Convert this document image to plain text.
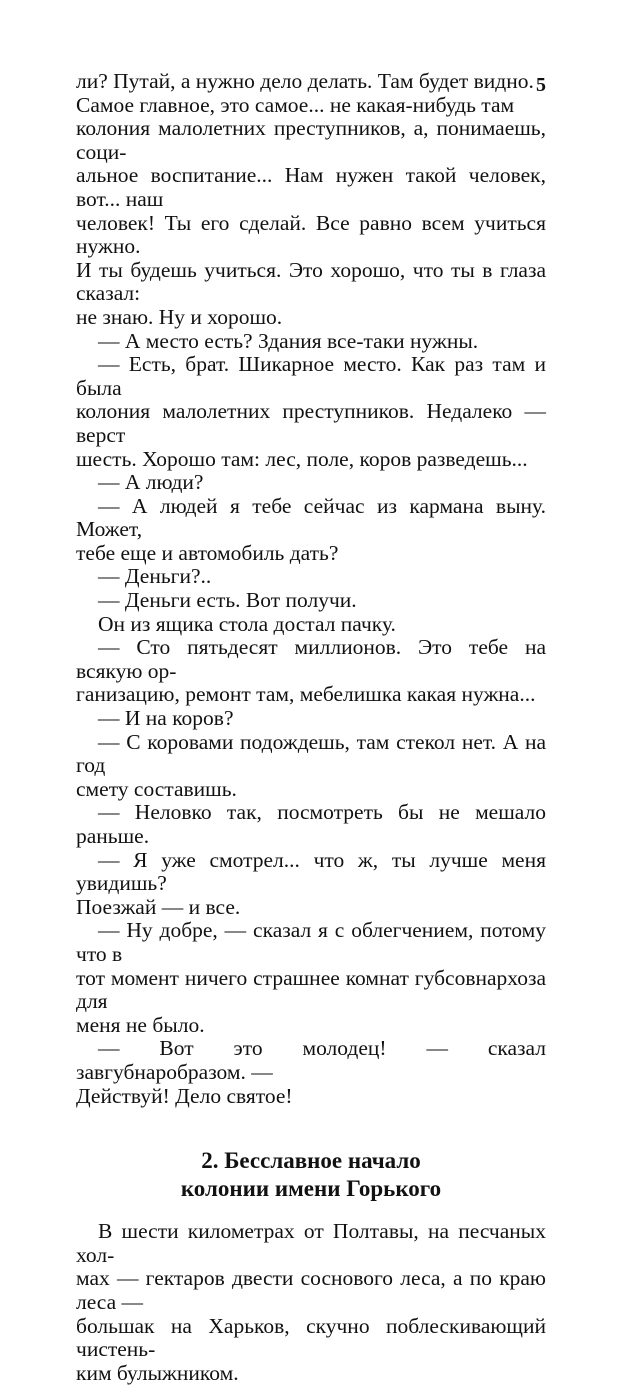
5

ли? Путай, а нужно дело делать. Там будет видно.
Самое главное, это самое... не какая-нибудь там
колония малолетних преступников, а, понимаешь, соци-
альное воспитание... Нам нужен такой человек, вот... наш
человек! Ты его сделай. Все равно всем учиться нужно.
И ты будешь учиться. Это хорошо, что ты в глаза сказал:
не знаю. Ну и хорошо.

— А место есть? Здания все-таки нужны.

— Есть, брат. Шикарное место. Как раз там и была
колония малолетних преступников. Недалеко — верст
шесть. Хорошо там: лес, поле, коров разведешь...

— А люди?

— А людей я тебе сейчас из кармана выну. Может,
тебе еще и автомобиль дать?

— Деньги?..

— Деньги есть. Вот получи.

Он из ящика стола достал пачку.

— Сто пятьдесят миллионов. Это тебе на всякую ор-
ганизацию, ремонт там, мебелишка какая нужна...

— И на коров?

— С коровами подождешь, там стекол нет. А на год
смету составишь.

— Неловко так, посмотреть бы не мешало раньше.

— Я уже смотрел... что ж, ты лучше меня увидишь?
Поезжай — и все.

— Ну добре, — сказал я с облегчением, потому что в
тот момент ничего страшнее комнат губсовнархоза для
меня не было.

— Вот это молодец! — сказал завгубнаробразом. —
Действуй! Дело святое!

2. Бесславное начало
колонии имени Горького

В шести километрах от Полтавы, на песчаных хол-
мах — гектаров двести соснового леса, а по краю леса —
большак на Харьков, скучно поблескивающий чистень-
ким булыжником.
